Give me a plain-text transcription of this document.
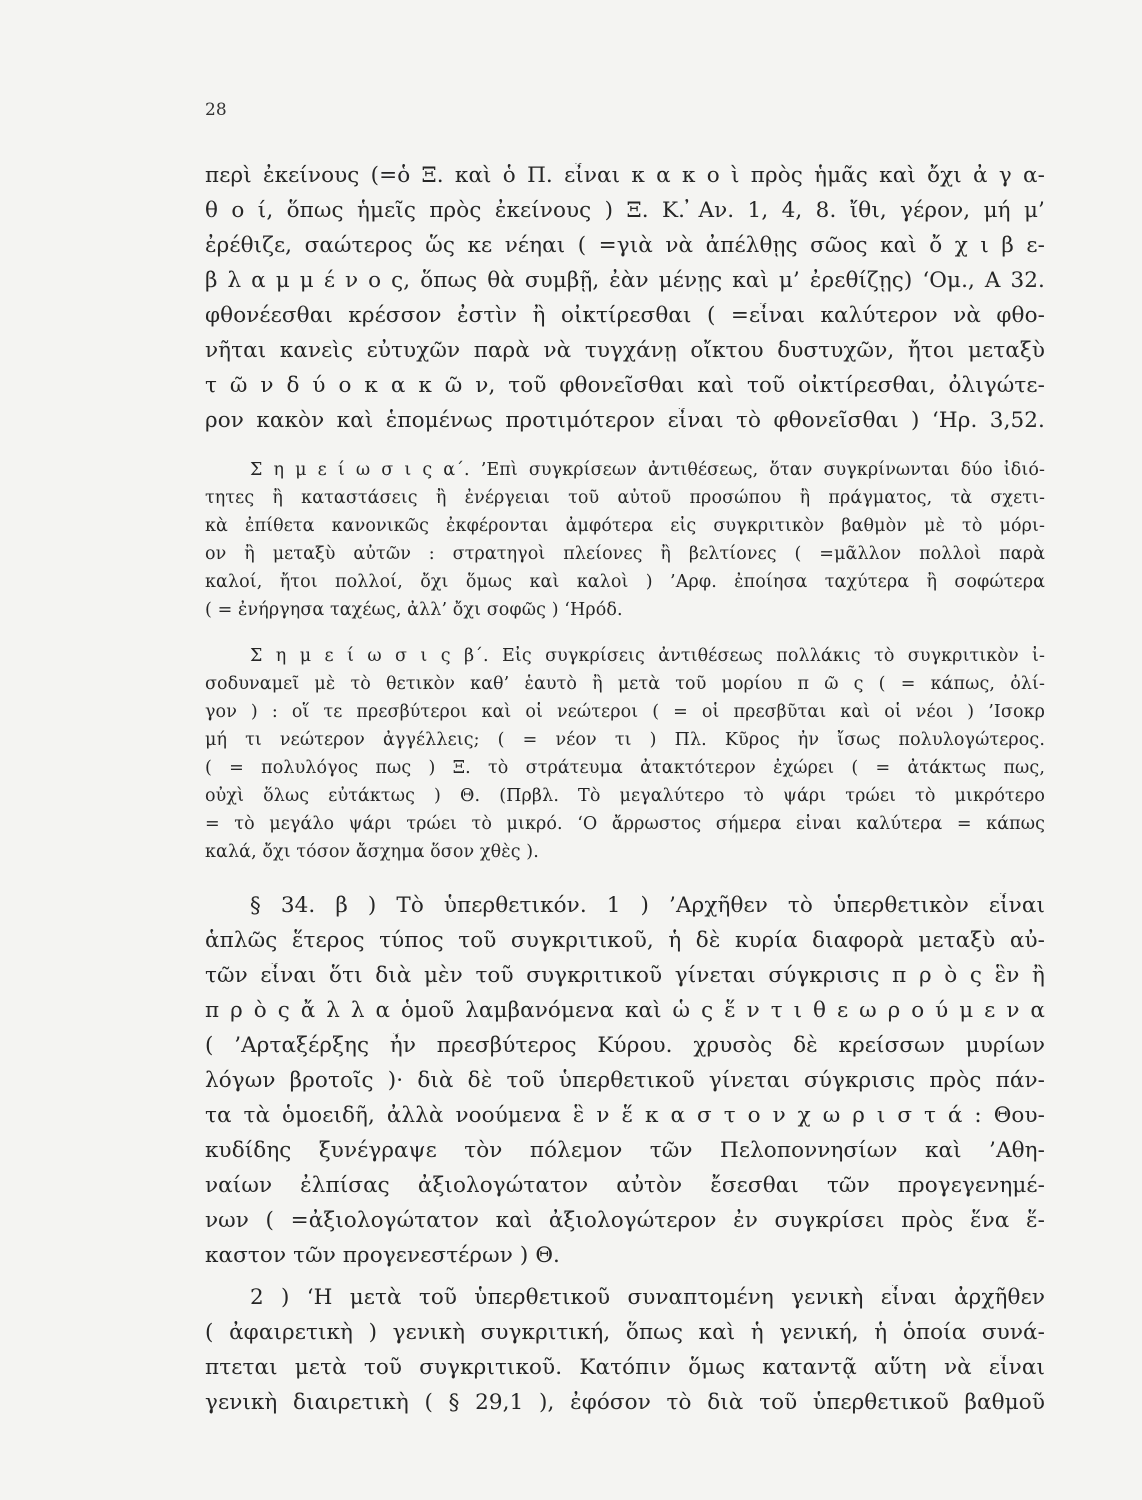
28
περὶ ἐκείνους (=ὁ Ξ. καὶ ὁ Π. εἶναι κ α κ ο ὶ πρὸς ἡμᾶς καὶ ὄχι ἀ γ α-
θ ο ί, ὅπως ἡμεῖς πρὸς ἐκείνους ) Ξ. Κ. ̓Αν. 1, 4, 8. ἴθι, γέρον, μή μ’
ἐρέθιζε, σαώτερος ὥς κε νέηαι ( =γιὰ νὰ ἀπέλθῃς σῶος καὶ ὄ χ ι β ε-
β λ α μ μ έ ν ο ς, ὅπως θὰ συμβῇ, ἐὰν μένῃς καὶ μ’ ἐρεθίζῃς) ‘Ομ., Α 32.
φθονέεσθαι κρέσσον ἐστὶν ἢ οἰκτίρεσθαι ( =εἶναι καλύτερον νὰ φθο-
νῆται κανεὶς εὐτυχῶν παρὰ νὰ τυγχάνῃ οἴκτου δυστυχῶν, ἤτοι μεταξὺ
τ ῶ ν δ ύ ο κ α κ ῶ ν, τοῦ φθονεῖσθαι καὶ τοῦ οἰκτίρεσθαι, ὀλιγώτε-
ρον κακὸν καὶ ἑπομένως προτιμότερον εἶναι τὸ φθονεῖσθαι ) ‘Ηρ. 3,52.
Σ η μ ε ί ω σ ι ς α΄. ’Επὶ συγκρίσεων ἀντιθέσεως, ὅταν συγκρίνωνται δύο ἰδιό-
τητες ἢ καταστάσεις ἢ ἐνέργειαι τοῦ αὐτοῦ προσώπου ἢ πράγματος, τὰ σχετι-
κὰ ἐπίθετα κανονικῶς ἐκφέρονται ἀμφότερα εἰς συγκριτικὸν βαθμὸν μὲ τὸ μόρι-
ον ἢ μεταξὺ αὐτῶν : στρατηγοὶ πλείονες ἢ βελτίονες ( =μᾶλλον πολλοὶ παρὰ
καλοί, ἤτοι πολλοί, ὄχι ὅμως καὶ καλοὶ ) ’Αρφ. ἐποίησα ταχύτερα ἢ σοφώτερα
( = ἐνήργησα ταχέως, ἀλλ’ ὄχι σοφῶς ) ‘Ηρόδ.
Σ η μ ε ί ω σ ι ς β΄. Εἰς συγκρίσεις ἀντιθέσεως πολλάκις τὸ συγκριτικὸν ἰ-
σοδυναμεῖ μὲ τὸ θετικὸν καθ’ ἑαυτὸ ἢ μετὰ τοῦ μορίου π ῶ ς ( = κάπως, ὀλί-
γον ) : οἵ τε πρεσβύτεροι καὶ οἱ νεώτεροι ( = οἱ πρεσβῦται καὶ οἱ νέοι ) ’Ισοκρ
μή τι νεώτερον ἀγγέλλεις; ( = νέον τι ) Πλ. Κῦρος ἦν ἴσως πολυλογώτερος.
( = πολυλόγος πως ) Ξ. τὸ στράτευμα ἀτακτότερον ἐχώρει ( = ἀτάκτως πως,
οὐχὶ ὅλως εὐτάκτως ) Θ. (Πρβλ. Τὸ μεγαλύτερο τὸ ψάρι τρώει τὸ μικρότερο
= τὸ μεγάλο ψάρι τρώει τὸ μικρό. ‘Ο ἄρρωστος σήμερα εἶναι καλύτερα = κάπως
καλά, ὄχι τόσον ἄσχημα ὅσον χθὲς ).
§ 34. β ) Τὸ ὑπερθετικόν. 1 ) ’Αρχῆθεν τὸ ὑπερθετικὸν εἶναι
ἁπλῶς ἕτερος τύπος τοῦ συγκριτικοῦ, ἡ δὲ κυρία διαφορὰ μεταξὺ αὐ-
τῶν εἶναι ὅτι διὰ μὲν τοῦ συγκριτικοῦ γίνεται σύγκρισις π ρ ὸ ς ἓν ἢ
π ρ ὸ ς ἄ λ λ α ὁμοῦ λαμβανόμενα καὶ ὡ ς ἕ ν τ ι θ ε ω ρ ο ύ μ ε ν α
( ’Αρταξέρξης ἦν πρεσβύτερος Κύρου. χρυσὸς δὲ κρείσσων μυρίων
λόγων βροτοῖς )· διὰ δὲ τοῦ ὑπερθετικοῦ γίνεται σύγκρισις πρὸς πάν-
τα τὰ ὁμοειδῆ, ἀλλὰ νοούμενα ἓ ν ἕ κ α σ τ ο ν χ ω ρ ι σ τ ά : Θου-
κυδίδης ξυνέγραψε τὸν πόλεμον τῶν Πελοποννησίων καὶ ’Αθη-
ναίων ἐλπίσας ἀξιολογώτατον αὐτὸν ἔσεσθαι τῶν προγεγενημέ-
νων ( =ἀξιολογώτατον καὶ ἀξιολογώτερον ἐν συγκρίσει πρὸς ἕνα ἕ-
καστον τῶν προγενεστέρων ) Θ.
2 ) ‘Η μετὰ τοῦ ὑπερθετικοῦ συναπτομένη γενικὴ εἶναι ἀρχῆθεν
( ἀφαιρετικὴ ) γενικὴ συγκριτική, ὅπως καὶ ἡ γενική, ἡ ὁποία συνά-
πτεται μετὰ τοῦ συγκριτικοῦ. Κατόπιν ὅμως καταντᾷ αὕτη νὰ εἶναι
γενικὴ διαιρετικὴ ( § 29,1 ), ἐφόσον τὸ διὰ τοῦ ὑπερθετικοῦ βαθμοῦ
